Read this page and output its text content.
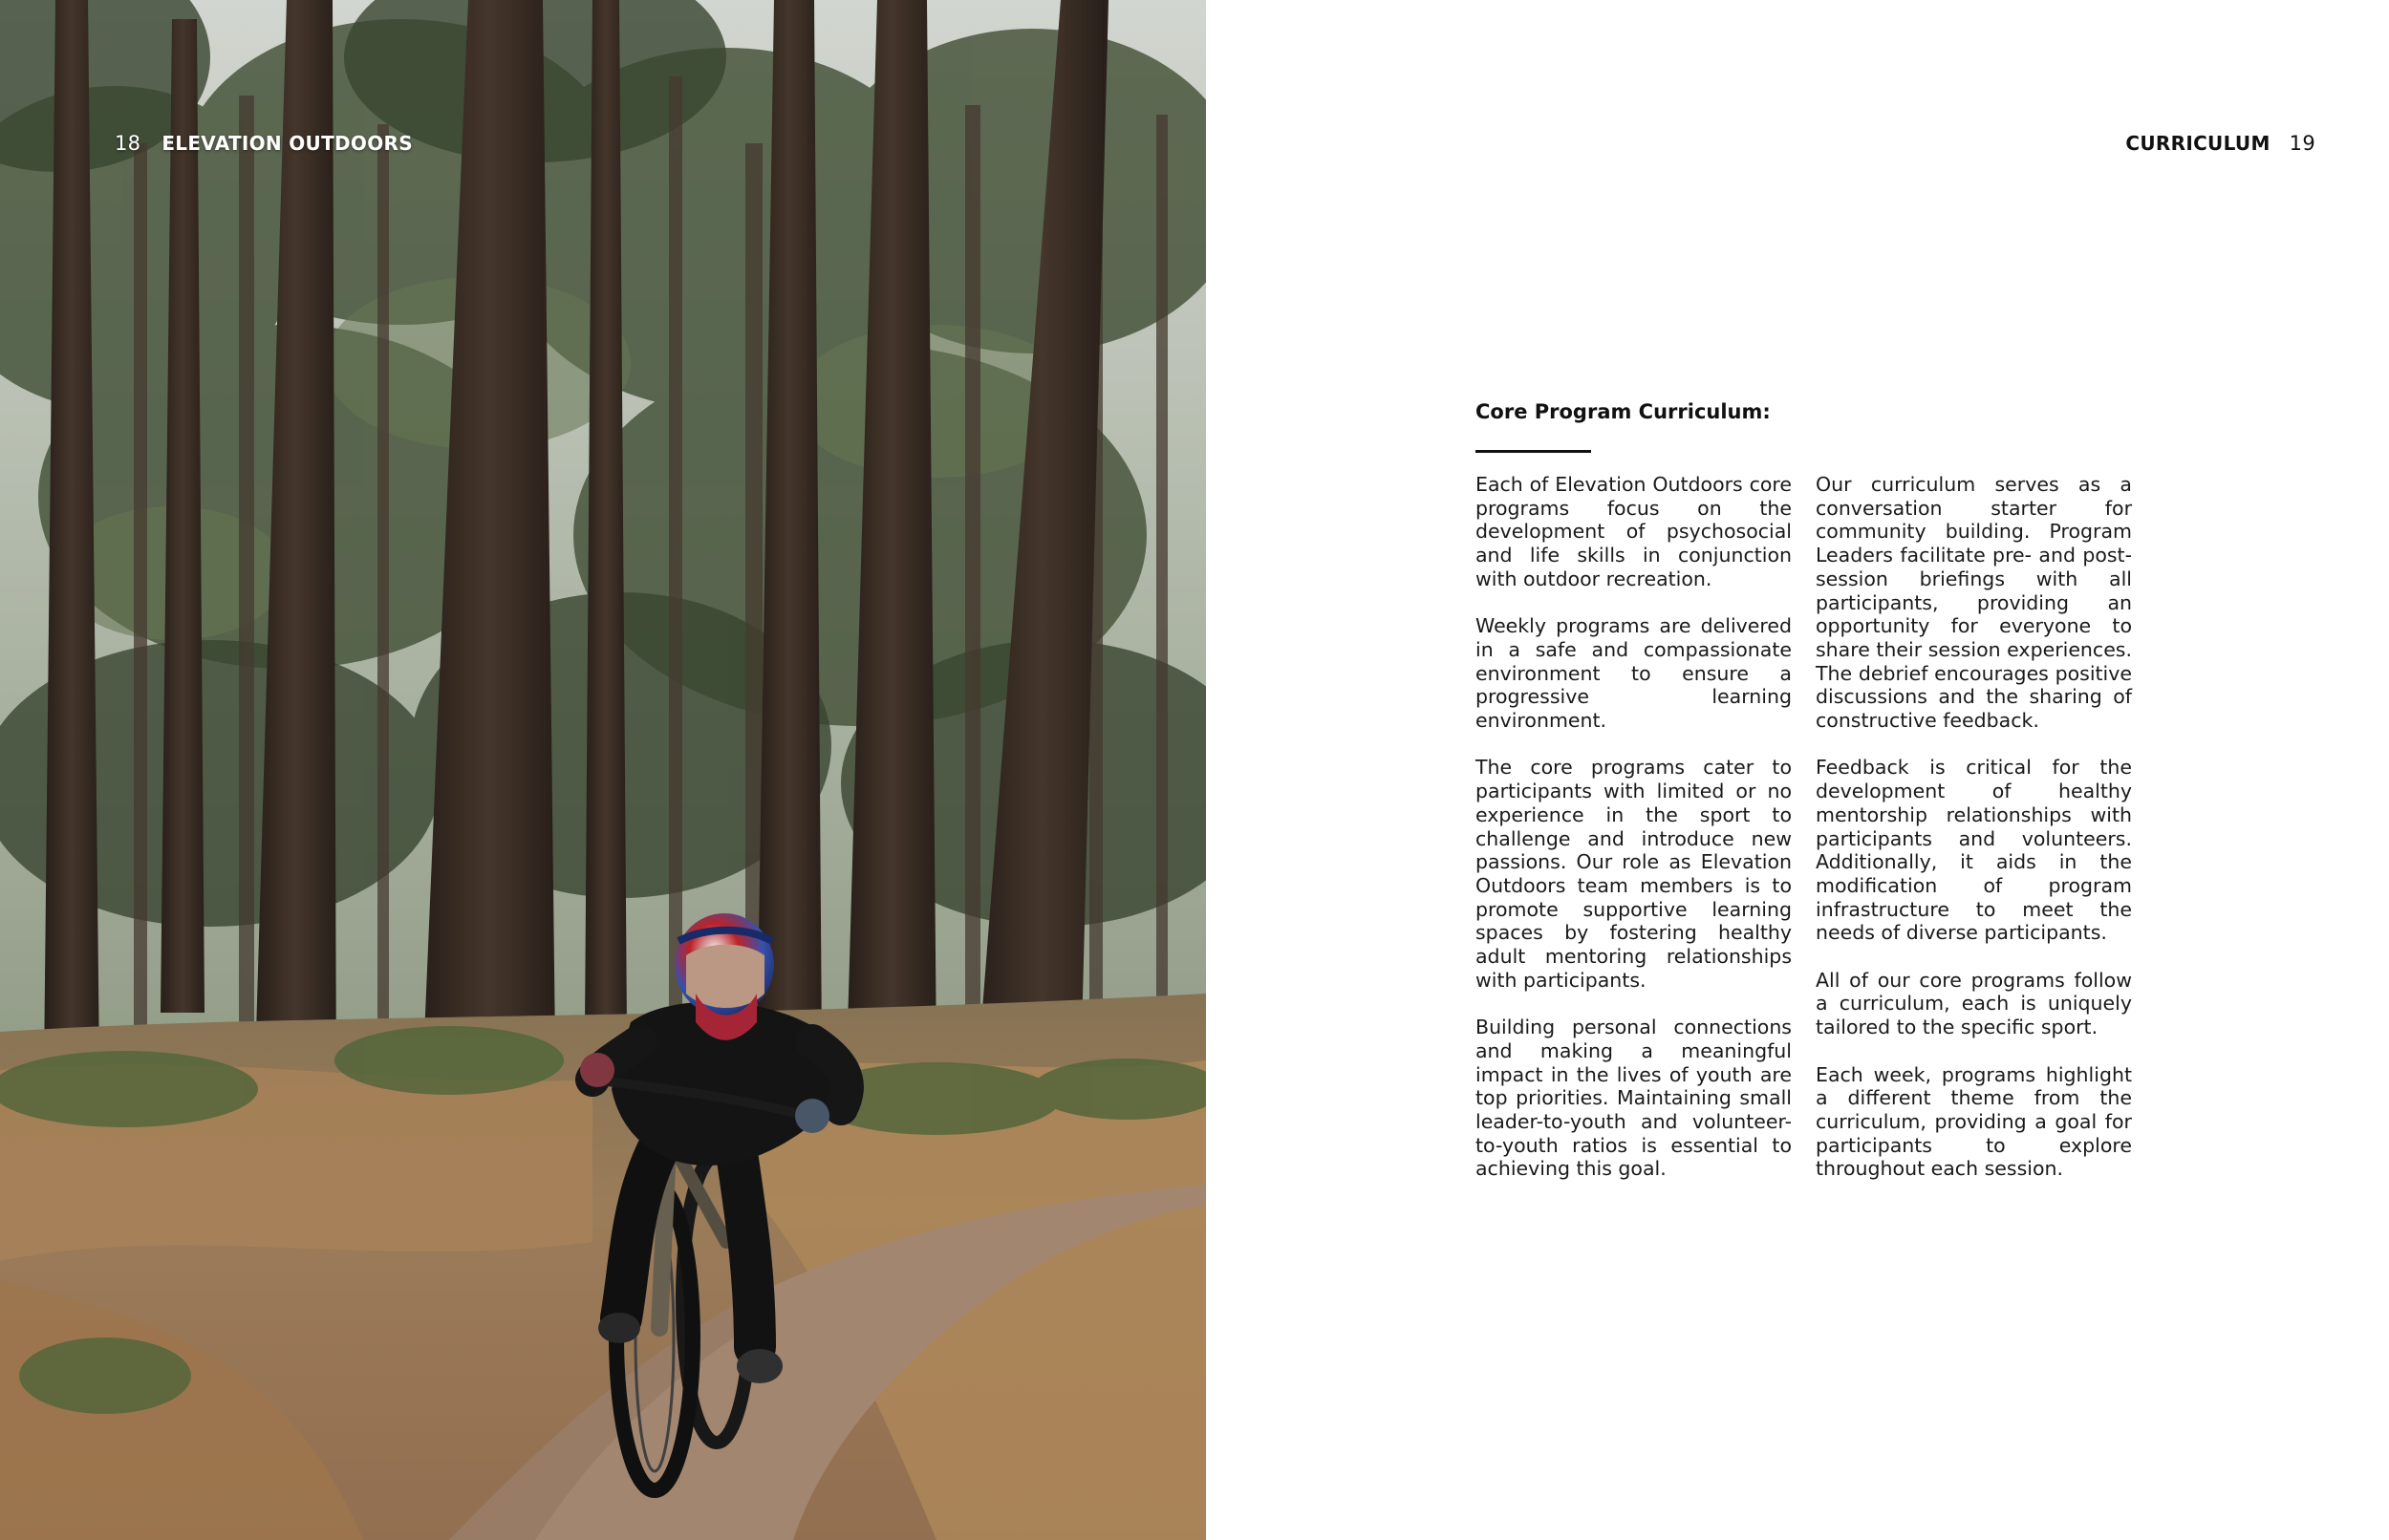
18 ELEVATION OUTDOORS	CURRICULUM 19
Core Program Curriculum:

Each of Elevation Outdoors core programs focus on the development of psychosocial and life skills in conjunction with outdoor recreation.

Weekly programs are delivered in a safe and compassionate environment to ensure a progressive learning environment.

The core programs cater to participants with limited or no experience in the sport to challenge and introduce new passions. Our role as Elevation Outdoors team members is to promote supportive learning spaces by fostering healthy adult mentoring relationships with participants.

Building personal connections and making a meaningful impact in the lives of youth are top priorities. Maintaining small leader-to-youth and volunteer-to-youth ratios is essential to achieving this goal.

Our curriculum serves as a conversation starter for community building. Program Leaders facilitate pre- and post-session briefings with all participants, providing an opportunity for everyone to share their session experiences. The debrief encourages positive discussions and the sharing of constructive feedback.

Feedback is critical for the development of healthy mentorship relationships with participants and volunteers. Additionally, it aids in the modification of program infrastructure to meet the needs of diverse participants.

All of our core programs follow a curriculum, each is uniquely tailored to the specific sport.

Each week, programs highlight a different theme from the curriculum, providing a goal for participants to explore throughout each session.
